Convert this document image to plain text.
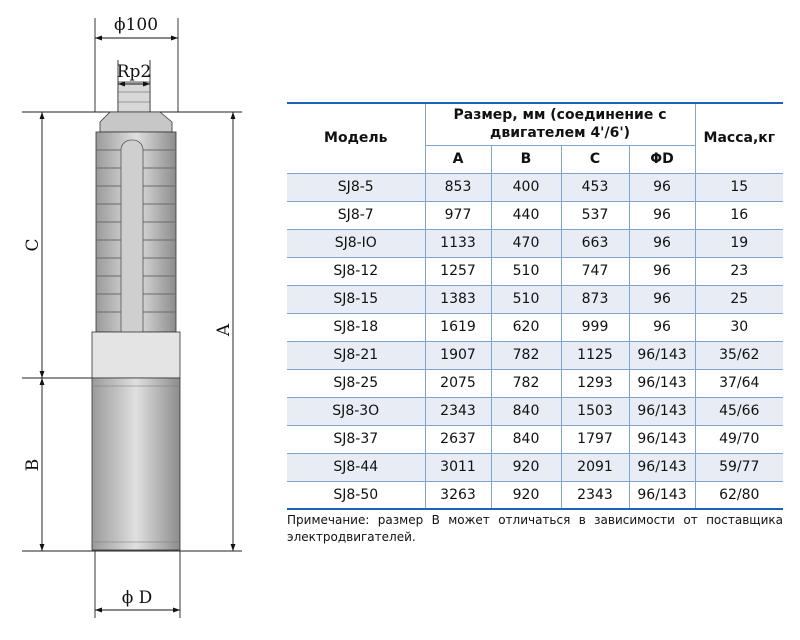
ϕ100
Rp2
C
B
A
ϕ D
Модель	Размер, мм (соединение с двигателем 4'/6')				Масса,кг
	A	B	C	ΦD	
SJ8-5	853	400	453	96	15
SJ8-7	977	440	537	96	16
SJ8-IO	1133	470	663	96	19
SJ8-12	1257	510	747	96	23
SJ8-15	1383	510	873	96	25
SJ8-18	1619	620	999	96	30
SJ8-21	1907	782	1125	96/143	35/62
SJ8-25	2075	782	1293	96/143	37/64
SJ8-3O	2343	840	1503	96/143	45/66
SJ8-37	2637	840	1797	96/143	49/70
SJ8-44	3011	920	2091	96/143	59/77
SJ8-50	3263	920	2343	96/143	62/80
Примечание: размер B может отличаться в зависимости от поставщика электродвигателей.
